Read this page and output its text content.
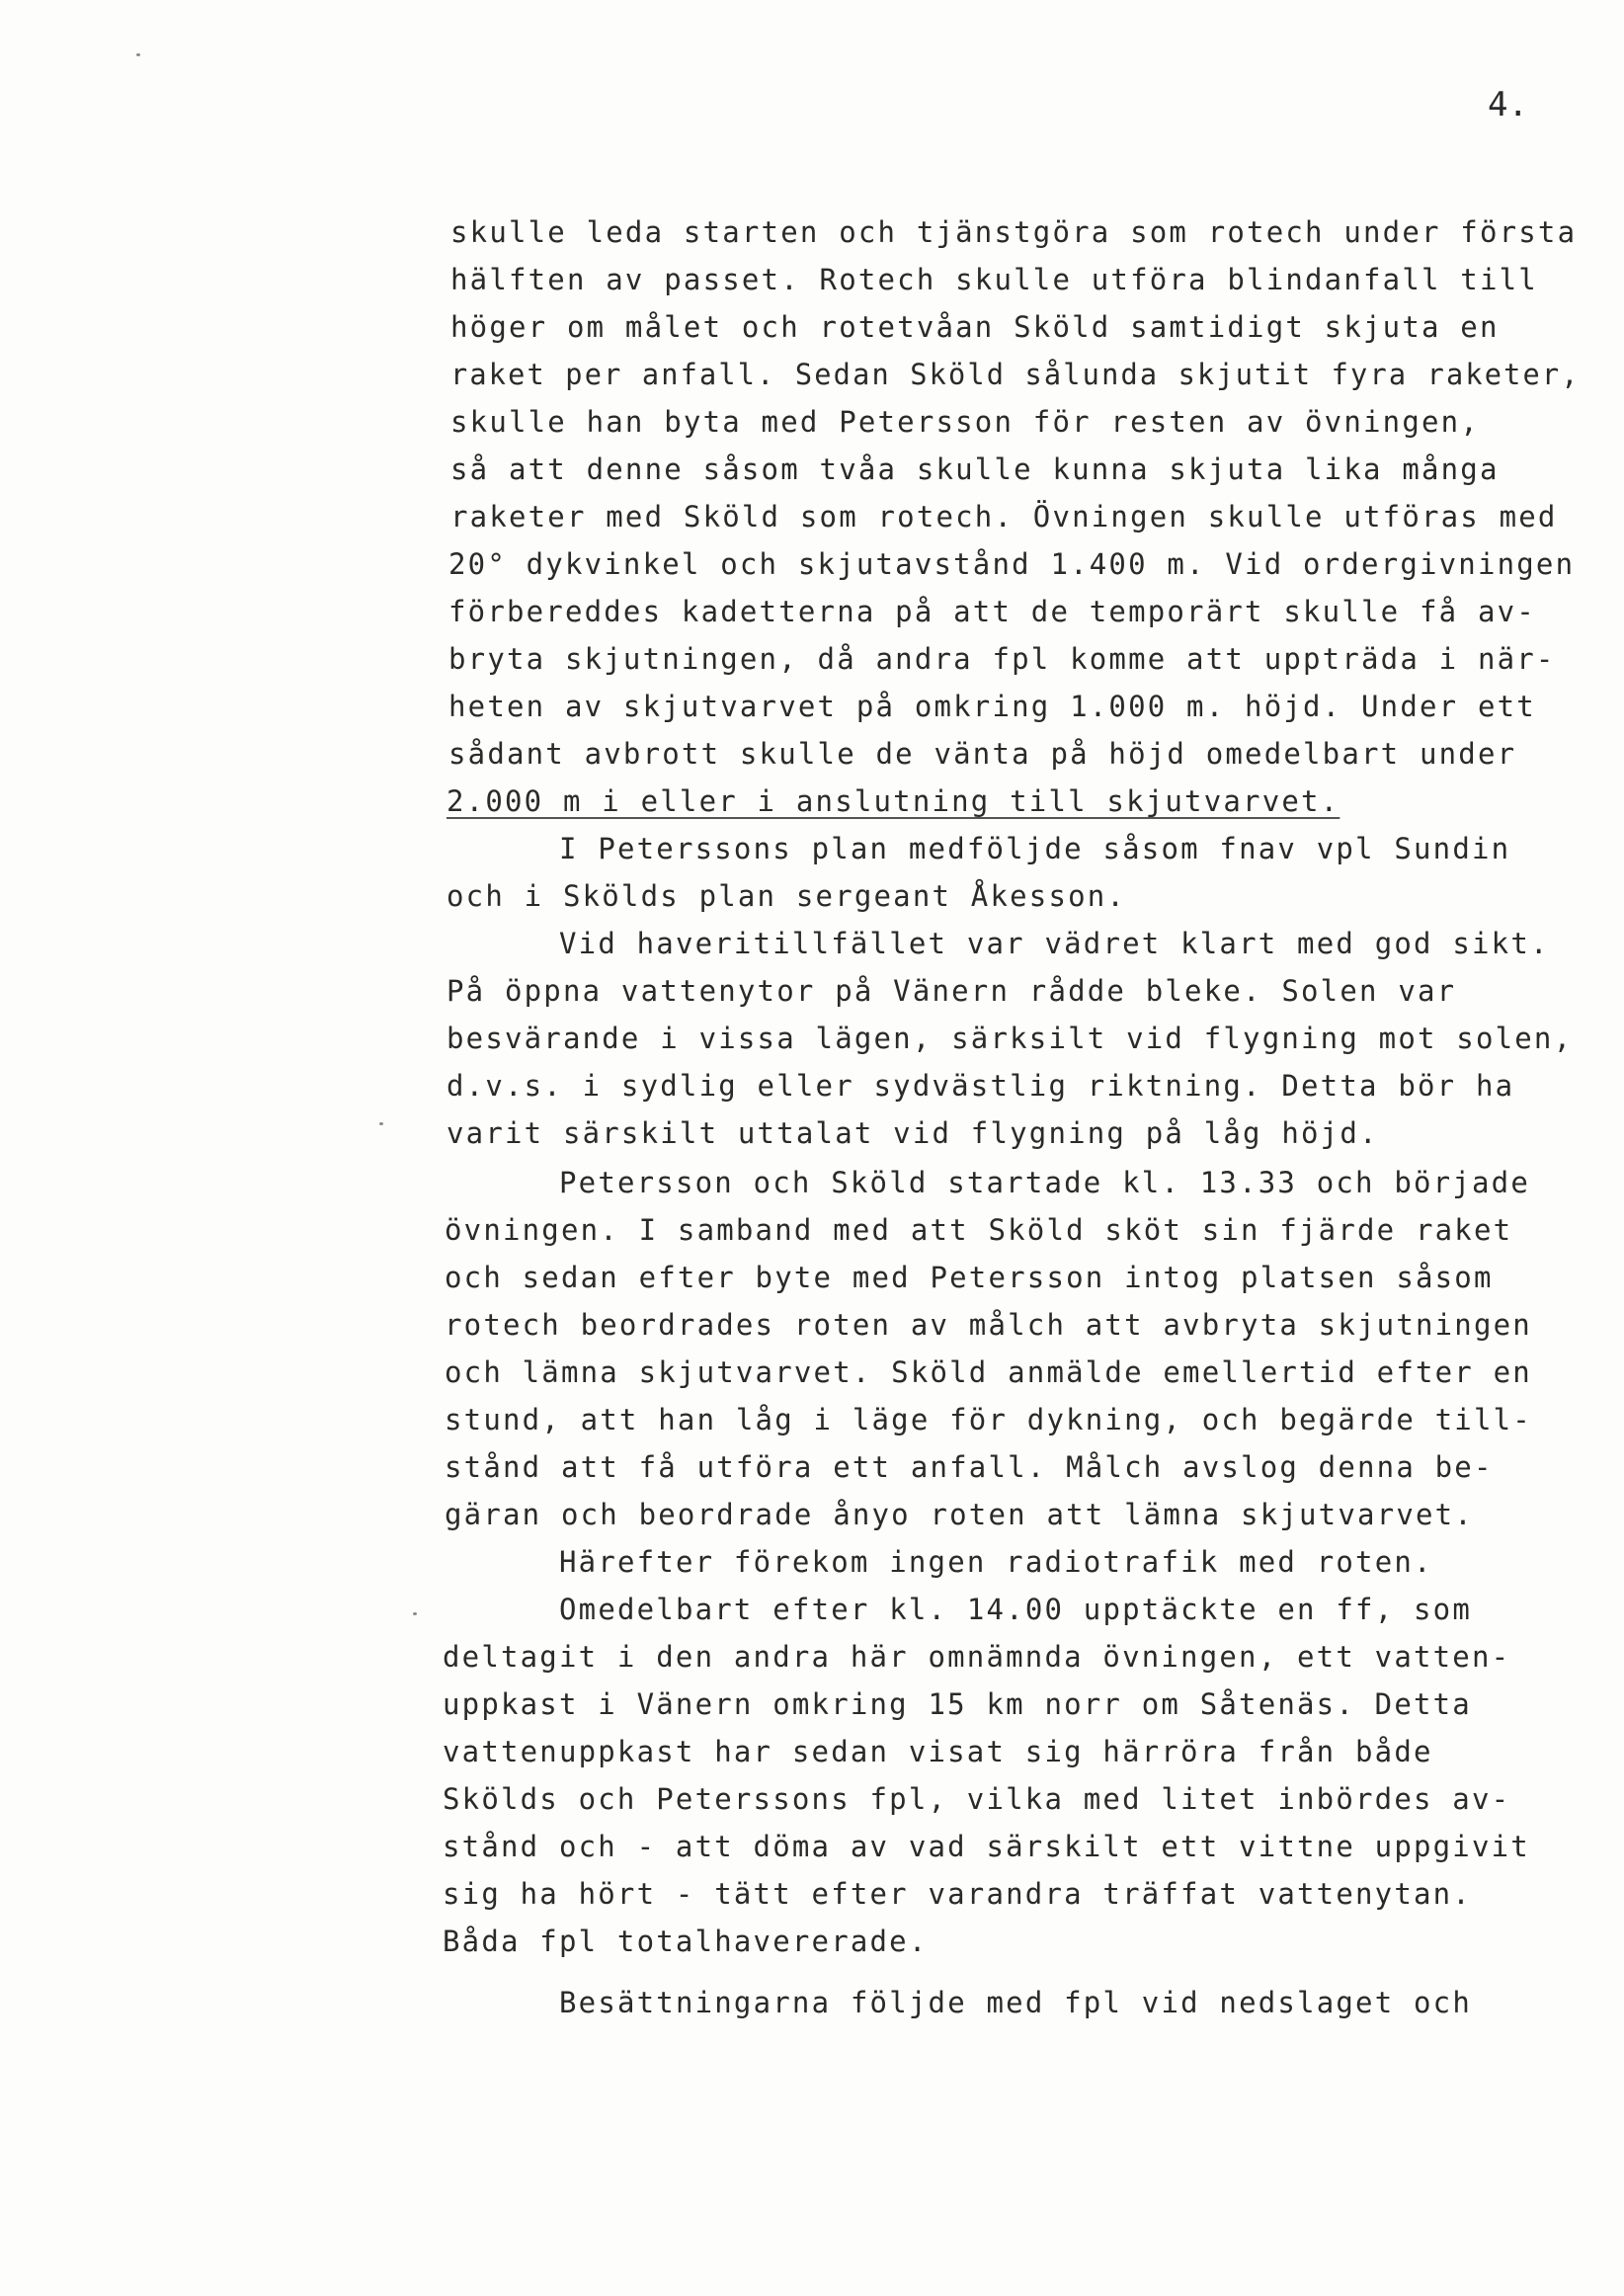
4.
skulle leda starten och tjänstgöra som rotech under första
hälften av passet. Rotech skulle utföra blindanfall till
höger om målet och rotetvåan Sköld samtidigt skjuta en
raket per anfall. Sedan Sköld sålunda skjutit fyra raketer,
skulle han byta med Petersson för resten av övningen,
så att denne såsom tvåa skulle kunna skjuta lika många
raketer med Sköld som rotech. Övningen skulle utföras med
20° dykvinkel och skjutavstånd 1.400 m. Vid ordergivningen
förbereddes kadetterna på att de temporärt skulle få av-
bryta skjutningen, då andra fpl komme att uppträda i när-
heten av skjutvarvet på omkring 1.000 m. höjd. Under ett
sådant avbrott skulle de vänta på höjd omedelbart under
2.000 m i eller i anslutning till skjutvarvet.
I Peterssons plan medföljde såsom fnav vpl Sundin
och i Skölds plan sergeant Åkesson.
Vid haveritillfället var vädret klart med god sikt.
På öppna vattenytor på Vänern rådde bleke. Solen var
besvärande i vissa lägen, särksilt vid flygning mot solen,
d.v.s. i sydlig eller sydvästlig riktning. Detta bör ha
varit särskilt uttalat vid flygning på låg höjd.
Petersson och Sköld startade kl. 13.33 och började
övningen. I samband med att Sköld sköt sin fjärde raket
och sedan efter byte med Petersson intog platsen såsom
rotech beordrades roten av målch att avbryta skjutningen
och lämna skjutvarvet. Sköld anmälde emellertid efter en
stund, att han låg i läge för dykning, och begärde till-
stånd att få utföra ett anfall. Målch avslog denna be-
gäran och beordrade ånyo roten att lämna skjutvarvet.
Härefter förekom ingen radiotrafik med roten.
Omedelbart efter kl. 14.00 upptäckte en ff, som
deltagit i den andra här omnämnda övningen, ett vatten-
uppkast i Vänern omkring 15 km norr om Såtenäs. Detta
vattenuppkast har sedan visat sig härröra från både
Skölds och Peterssons fpl, vilka med litet inbördes av-
stånd och - att döma av vad särskilt ett vittne uppgivit
sig ha hört - tätt efter varandra träffat vattenytan.
Båda fpl totalhavererade.
Besättningarna följde med fpl vid nedslaget och
